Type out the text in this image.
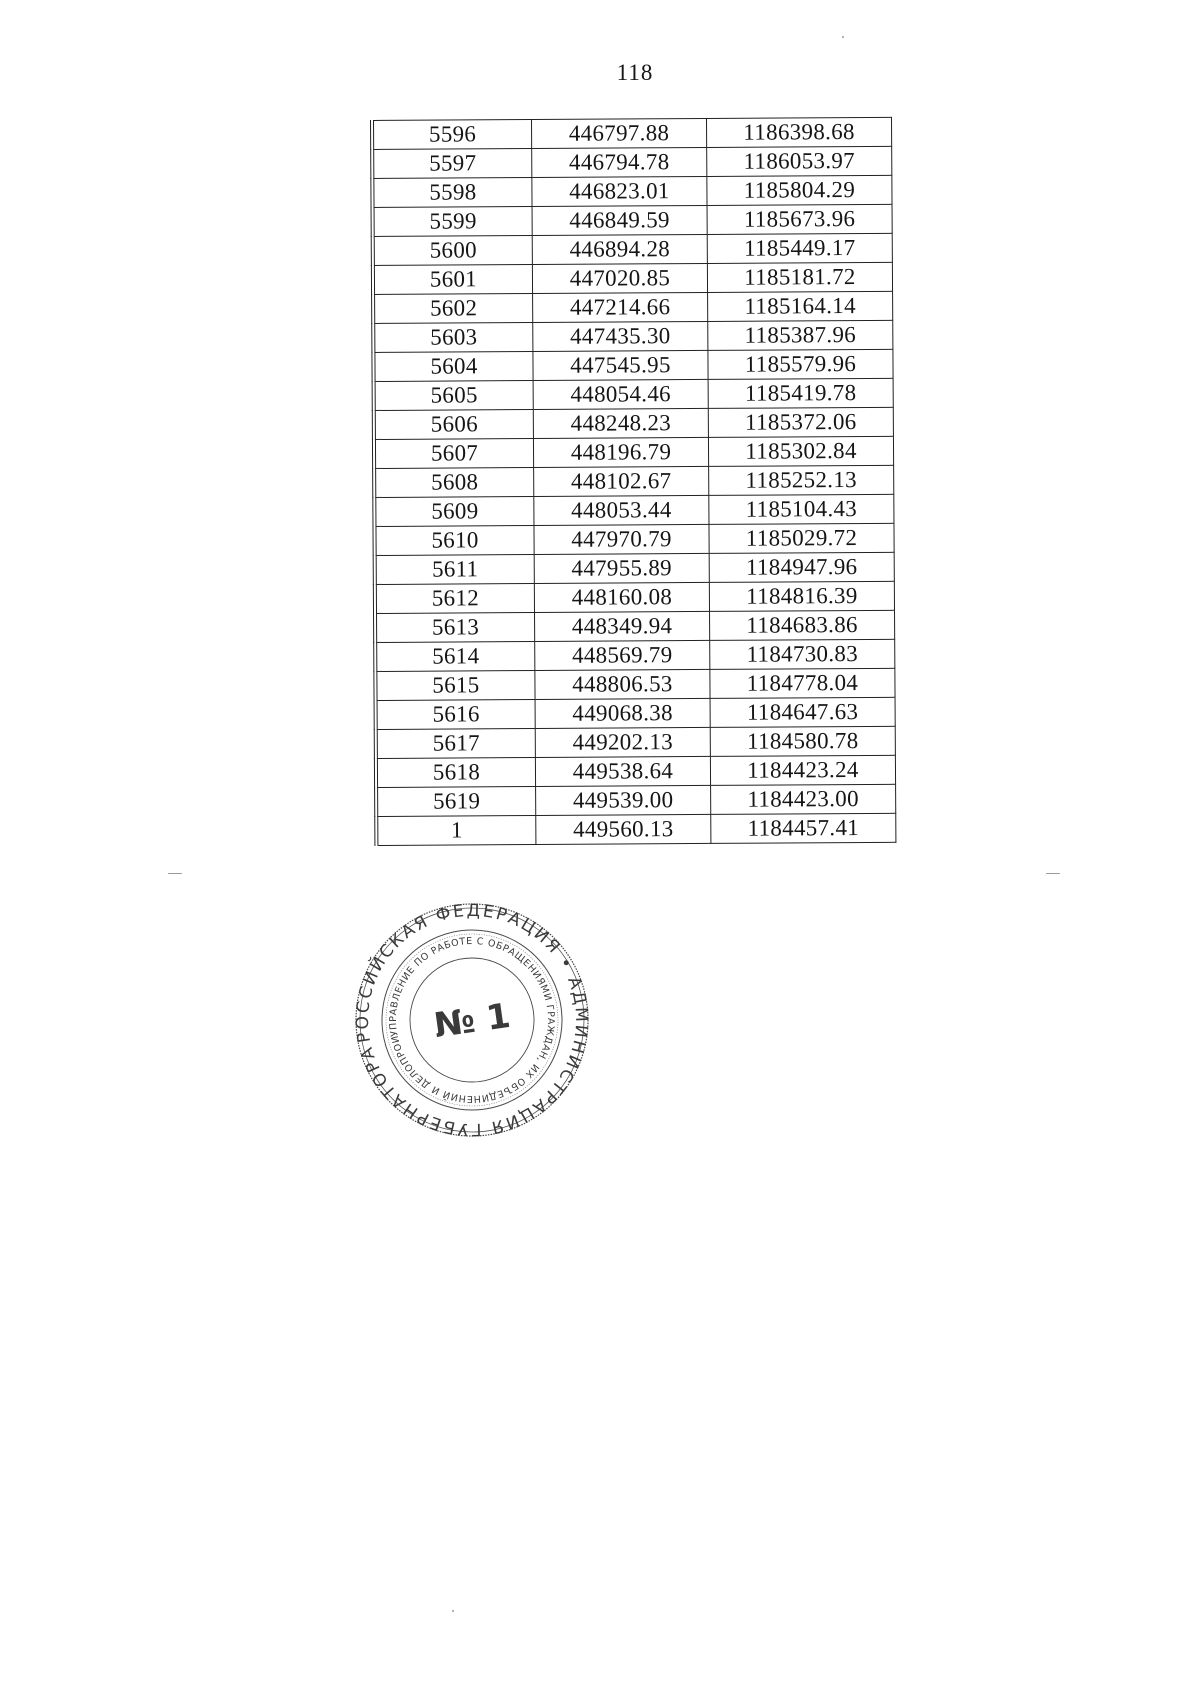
118
5596	446797.88	1186398.68
5597	446794.78	1186053.97
5598	446823.01	1185804.29
5599	446849.59	1185673.96
5600	446894.28	1185449.17
5601	447020.85	1185181.72
5602	447214.66	1185164.14
5603	447435.30	1185387.96
5604	447545.95	1185579.96
5605	448054.46	1185419.78
5606	448248.23	1185372.06
5607	448196.79	1185302.84
5608	448102.67	1185252.13
5609	448053.44	1185104.43
5610	447970.79	1185029.72
5611	447955.89	1184947.96
5612	448160.08	1184816.39
5613	448349.94	1184683.86
5614	448569.79	1184730.83
5615	448806.53	1184778.04
5616	449068.38	1184647.63
5617	449202.13	1184580.78
5618	449538.64	1184423.24
5619	449539.00	1184423.00
1	449560.13	1184457.41
РОССИЙСКАЯ ФЕДЕРАЦИЯ • АДМИНИСТРАЦИЯ ГУБЕРНАТОРА
УПРАВЛЕНИЕ ПО РАБОТЕ С ОБРАЩЕНИЯМИ ГРАЖДАН, ИХ ОБЪЕДИНЕНИЙ И ДЕЛОПРОИЗВОДСТВА
№ 1
